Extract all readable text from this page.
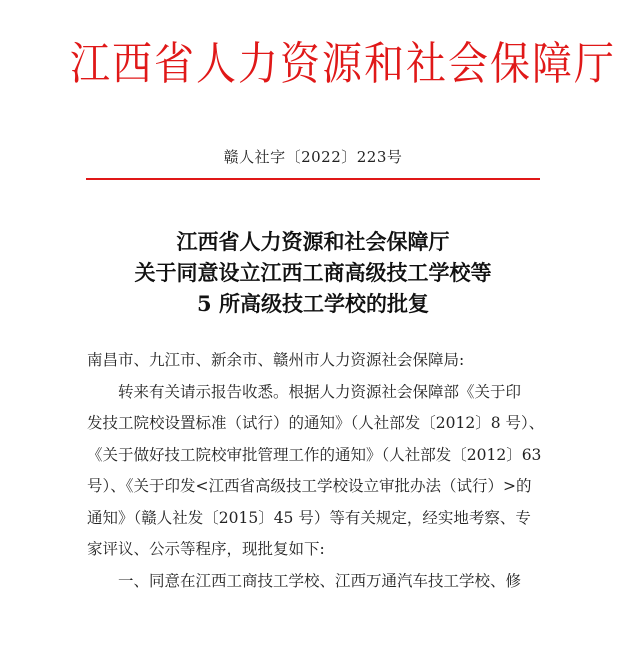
江西省人力资源和社会保障厅
赣人社字〔2022〕223号
江西省人力资源和社会保障厅
关于同意设立江西工商高级技工学校等
5 所高级技工学校的批复
南昌市、九江市、新余市、赣州市人力资源社会保障局:
转来有关请示报告收悉。根据人力资源社会保障部《关于印
发技工院校设置标准（试行）的通知》（人社部发〔2012〕8 号）、
《关于做好技工院校审批管理工作的通知》（人社部发〔2012〕63
号）、《关于印发<江西省高级技工学校设立审批办法（试行）>的
通知》（赣人社发〔2015〕45 号）等有关规定，经实地考察、专
家评议、公示等程序，现批复如下:
一、同意在江西工商技工学校、江西万通汽车技工学校、修
